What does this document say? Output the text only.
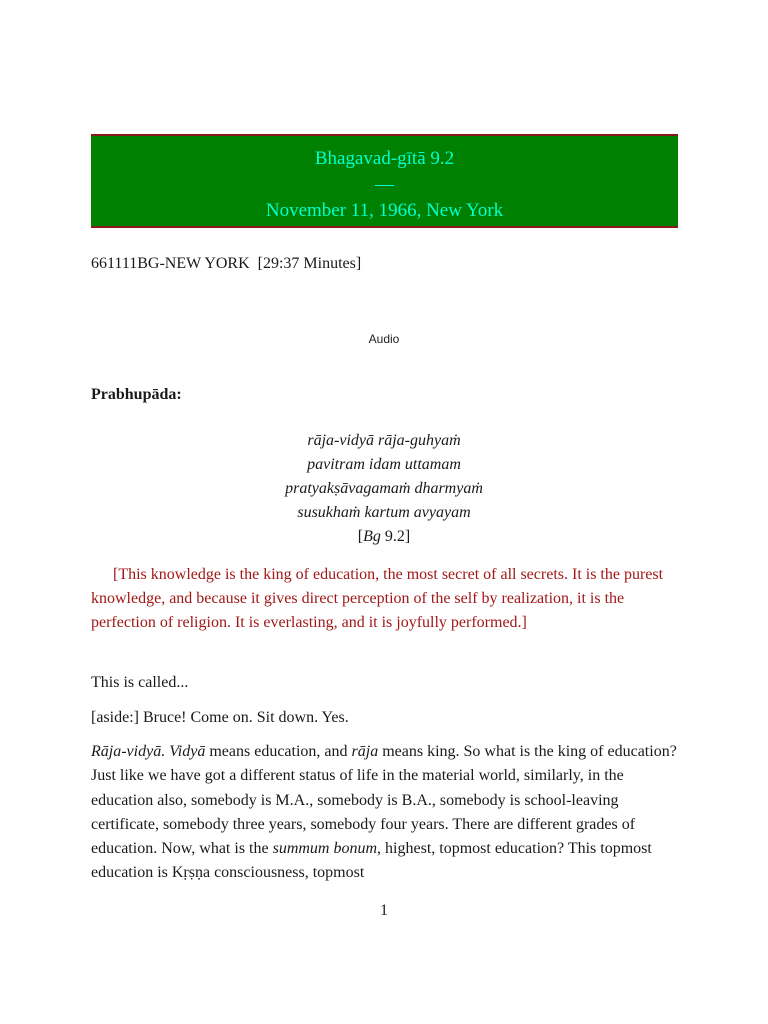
Bhagavad-gītā 9.2
—
November 11, 1966, New York
661111BG-NEW YORK  [29:37 Minutes]
Audio
Prabhupāda:
rāja-vidyā rāja-guhyaṁ
pavitram idam uttamam
pratyakṣāvagamaṁ dharmyaṁ
susukhaṁ kartum avyayam
[Bg 9.2]

[This knowledge is the king of education, the most secret of all secrets. It is the purest knowledge, and because it gives direct perception of the self by realization, it is the perfection of religion. It is everlasting, and it is joyfully performed.]

This is called...

[aside:] Bruce! Come on. Sit down. Yes.

Rāja-vidyā. Vidyā means education, and rāja means king. So what is the king of education? Just like we have got a different status of life in the material world, similarly, in the education also, somebody is M.A., somebody is B.A., somebody is school-leaving certificate, somebody three years, somebody four years. There are different grades of education. Now, what is the summum bonum, highest, topmost education? This topmost education is Kṛṣṇa consciousness, topmost

1
